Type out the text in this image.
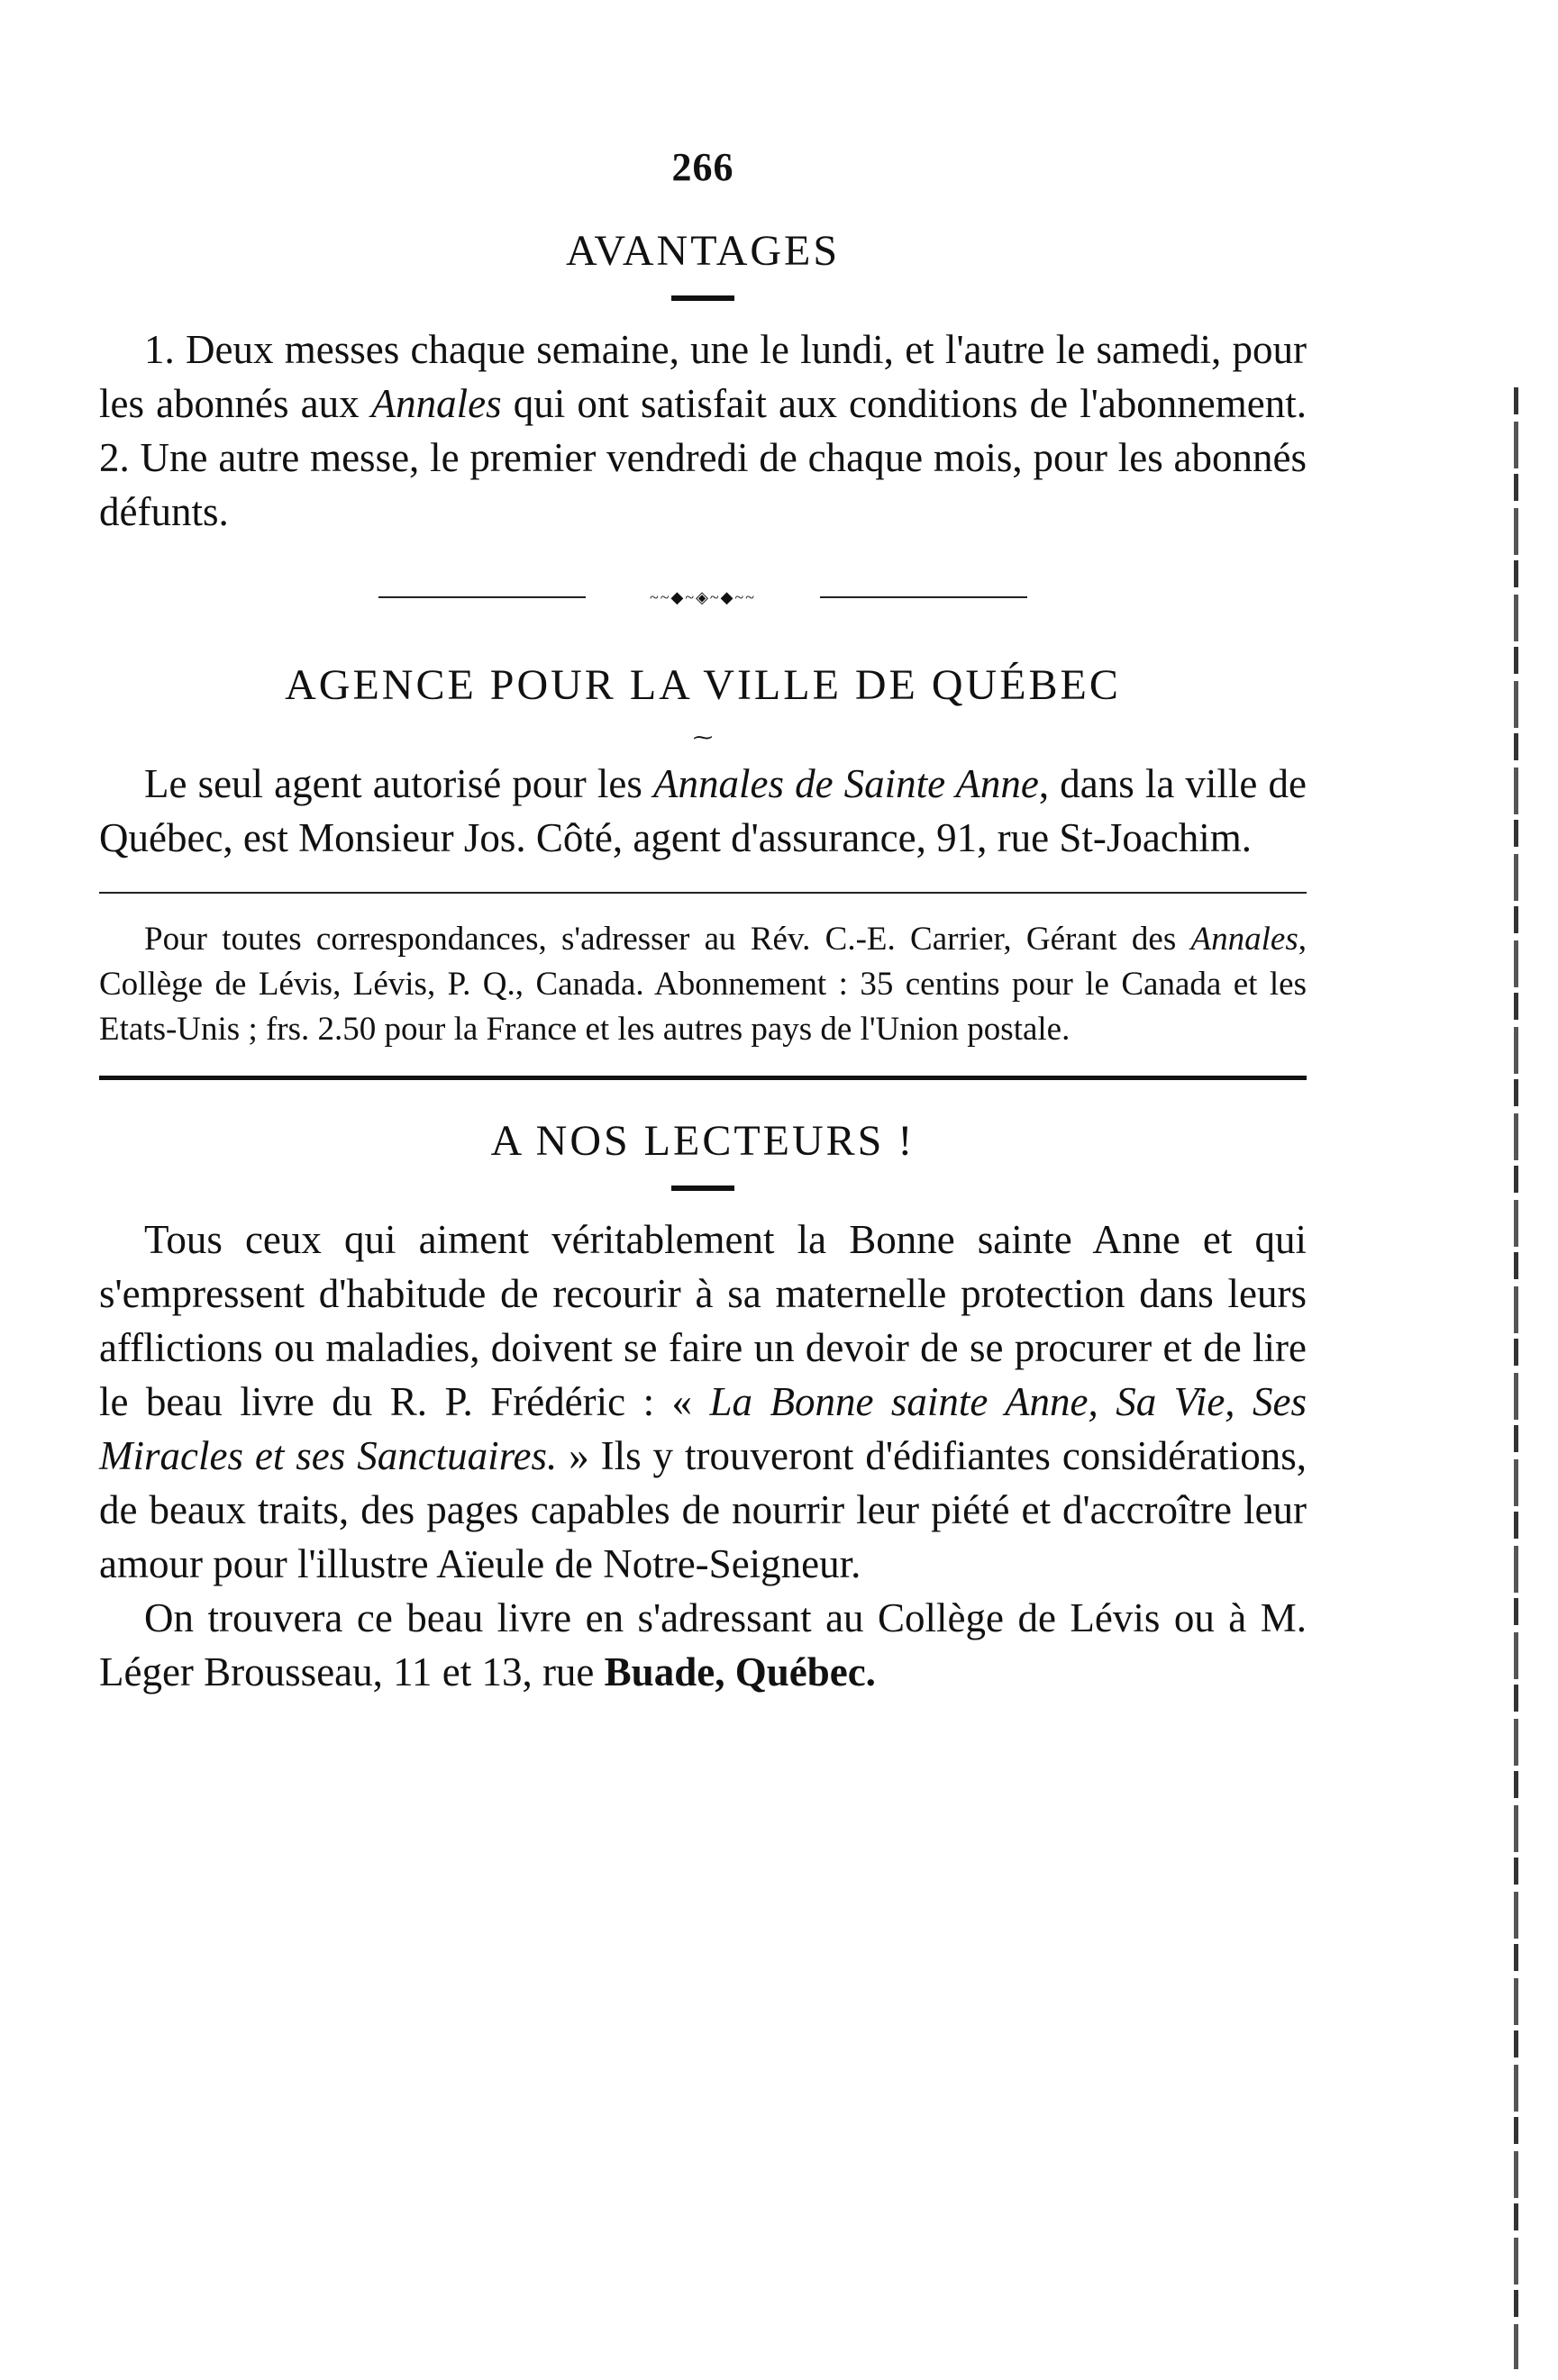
266
AVANTAGES

1. Deux messes chaque semaine, une le lundi, et l'autre le samedi, pour les abonnés aux Annales qui ont satisfait aux conditions de l'abonnement. 2. Une autre messe, le premier vendredi de chaque mois, pour les abonnés défunts.

~~◆~◈~◆~~
AGENCE POUR LA VILLE DE QUÉBEC
⁓

Le seul agent autorisé pour les Annales de Sainte Anne, dans la ville de Québec, est Monsieur Jos. Côté, agent d'assurance, 91, rue St-Joachim.

Pour toutes correspondances, s'adresser au Rév. C.-E. Carrier, Gérant des Annales, Collège de Lévis, Lévis, P. Q., Canada. Abonnement : 35 centins pour le Canada et les Etats-Unis ; frs. 2.50 pour la France et les autres pays de l'Union postale.

A NOS LECTEURS !

Tous ceux qui aiment véritablement la Bonne sainte Anne et qui s'empressent d'habitude de recourir à sa maternelle protection dans leurs afflictions ou maladies, doivent se faire un devoir de se procurer et de lire le beau livre du R. P. Frédéric : « La Bonne sainte Anne, Sa Vie, Ses Miracles et ses Sanctuaires. » Ils y trouveront d'édifiantes considérations, de beaux traits, des pages capables de nourrir leur piété et d'accroître leur amour pour l'illustre Aïeule de Notre-Seigneur.

On trouvera ce beau livre en s'adressant au Collège de Lévis ou à M. Léger Brousseau, 11 et 13, rue Buade, Québec.
